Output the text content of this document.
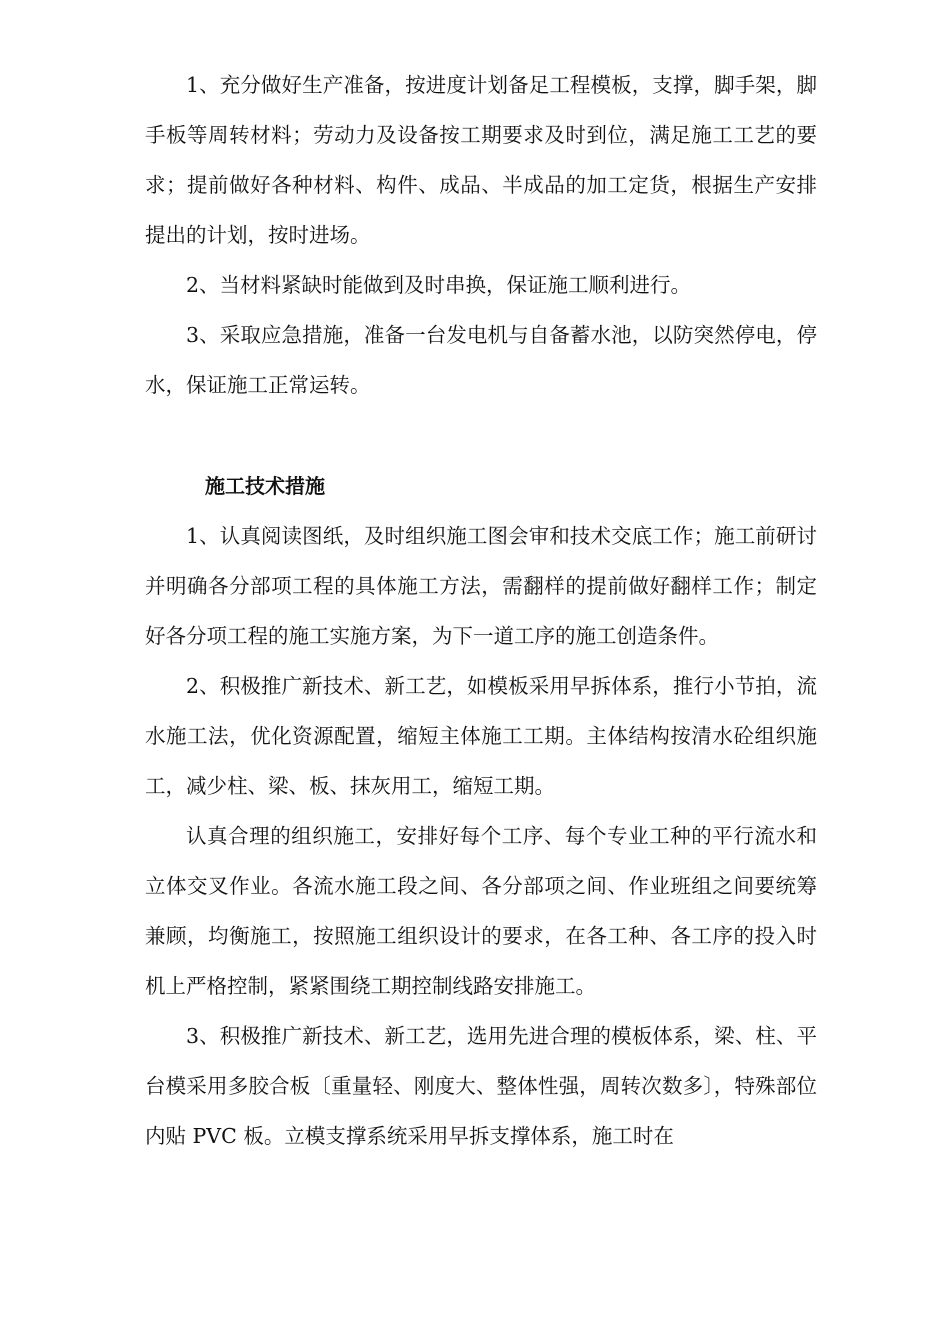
1、充分做好生产准备，按进度计划备足工程模板，支撑，脚手架，脚手板等周转材料；劳动力及设备按工期要求及时到位，满足施工工艺的要求；提前做好各种材料、构件、成品、半成品的加工定货，根据生产安排提出的计划，按时进场。

2、当材料紧缺时能做到及时串换，保证施工顺利进行。

3、采取应急措施，准备一台发电机与自备蓄水池，以防突然停电，停水，保证施工正常运转。

施工技术措施

1、认真阅读图纸，及时组织施工图会审和技术交底工作；施工前研讨并明确各分部项工程的具体施工方法，需翻样的提前做好翻样工作；制定好各分项工程的施工实施方案，为下一道工序的施工创造条件。

2、积极推广新技术、新工艺，如模板采用早拆体系，推行小节拍，流水施工法，优化资源配置，缩短主体施工工期。主体结构按清水砼组织施工，减少柱、梁、板、抹灰用工，缩短工期。

认真合理的组织施工，安排好每个工序、每个专业工种的平行流水和立体交叉作业。各流水施工段之间、各分部项之间、作业班组之间要统筹兼顾，均衡施工，按照施工组织设计的要求，在各工种、各工序的投入时机上严格控制，紧紧围绕工期控制线路安排施工。

3、积极推广新技术、新工艺，选用先进合理的模板体系，梁、柱、平台模采用多胶合板〔重量轻、刚度大、整体性强，周转次数多〕，特殊部位内贴 PVC 板。立模支撑系统采用早拆支撑体系，施工时在
